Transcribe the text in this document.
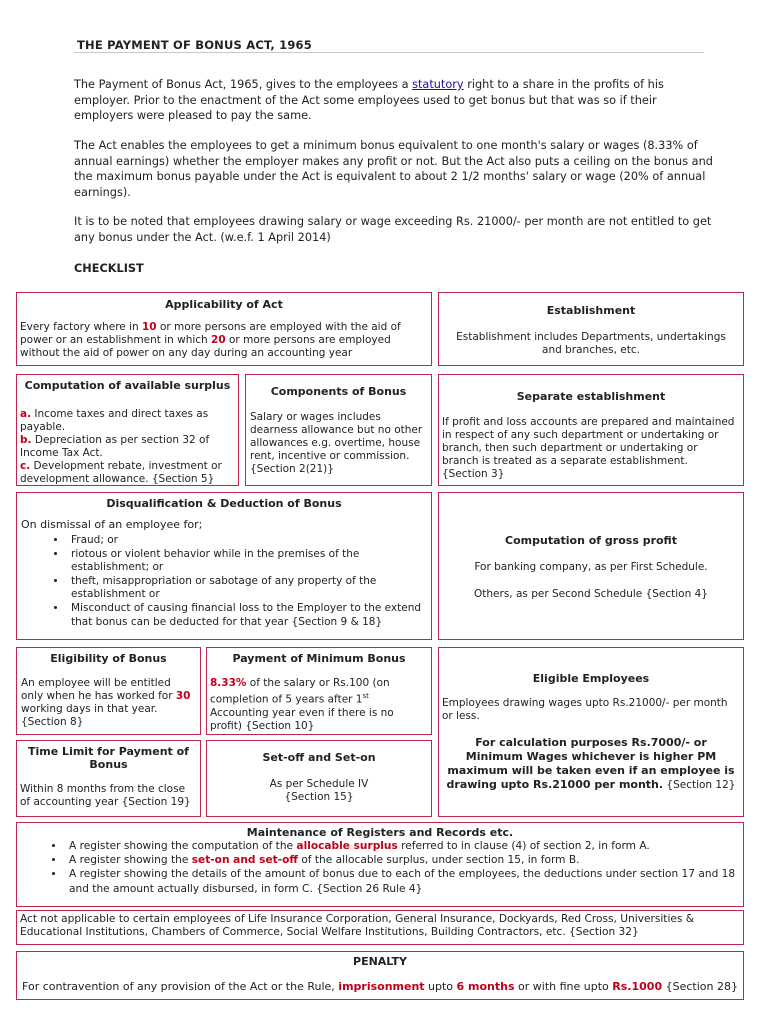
THE PAYMENT OF BONUS ACT, 1965
The Payment of Bonus Act, 1965, gives to the employees a statutory right to a share in the profits of his employer. Prior to the enactment of the Act some employees used to get bonus but that was so if their employers were pleased to pay the same.
The Act enables the employees to get a minimum bonus equivalent to one month's salary or wages (8.33% of annual earnings) whether the employer makes any profit or not. But the Act also puts a ceiling on the bonus and the maximum bonus payable under the Act is equivalent to about 2 1/2 months' salary or wage (20% of annual earnings).
It is to be noted that employees drawing salary or wage exceeding Rs. 21000/- per month are not entitled to get any bonus under the Act. (w.e.f. 1 April 2014)
CHECKLIST
Applicability of Act
Every factory where in 10 or more persons are employed with the aid of power or an establishment in which 20 or more persons are employed without the aid of power on any day during an accounting year
Establishment
Establishment includes Departments, undertakings and branches, etc.
Computation of available surplus
a. Income taxes and direct taxes as payable.
b. Depreciation as per section 32 of Income Tax Act.
c. Development rebate, investment or development allowance. {Section 5}
Components of Bonus
Salary or wages includes dearness allowance but no other allowances e.g. overtime, house rent, incentive or commission. {Section 2(21)}
Separate establishment
If profit and loss accounts are prepared and maintained in respect of any such department or undertaking or branch, then such department or undertaking or branch is treated as a separate establishment. {Section 3}
Disqualification & Deduction of Bonus
On dismissal of an employee for;
• Fraud; or
• riotous or violent behavior while in the premises of the establishment; or
• theft, misappropriation or sabotage of any property of the establishment or
• Misconduct of causing financial loss to the Employer to the extend that bonus can be deducted for that year {Section 9 & 18}
Computation of gross profit
For banking company, as per First Schedule.
Others, as per Second Schedule {Section 4}
Eligibility of Bonus
An employee will be entitled only when he has worked for 30 working days in that year. {Section 8}
Payment of Minimum Bonus
8.33% of the salary or Rs.100 (on completion of 5 years after 1st Accounting year even if there is no profit) {Section 10}
Eligible Employees
Employees drawing wages upto Rs.21000/- per month or less.
For calculation purposes Rs.7000/- or Minimum Wages whichever is higher PM maximum will be taken even if an employee is drawing upto Rs.21000 per month. {Section 12}
Time Limit for Payment of Bonus
Within 8 months from the close of accounting year {Section 19}
Set-off and Set-on
As per Schedule IV
{Section 15}
Maintenance of Registers and Records etc.
• A register showing the computation of the allocable surplus referred to in clause (4) of section 2, in form A.
• A register showing the set-on and set-off of the allocable surplus, under section 15, in form B.
• A register showing the details of the amount of bonus due to each of the employees, the deductions under section 17 and 18 and the amount actually disbursed, in form C. {Section 26 Rule 4}
Act not applicable to certain employees of Life Insurance Corporation, General Insurance, Dockyards, Red Cross, Universities & Educational Institutions, Chambers of Commerce, Social Welfare Institutions, Building Contractors, etc. {Section 32}
PENALTY
For contravention of any provision of the Act or the Rule, imprisonment upto 6 months or with fine upto Rs.1000 {Section 28}
